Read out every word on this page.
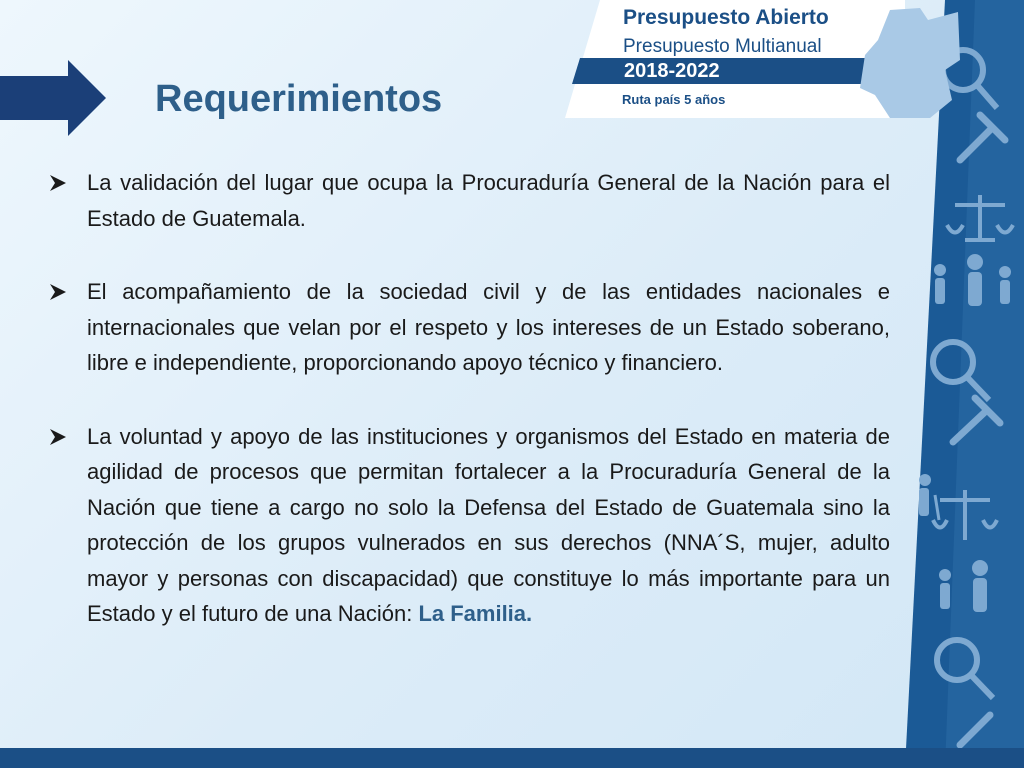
Presupuesto Abierto
Presupuesto Multianual
2018-2022
Ruta país 5 años
Requerimientos
La validación del lugar que ocupa la Procuraduría General de la Nación para el Estado de Guatemala.
El acompañamiento de la sociedad civil y de las entidades nacionales e internacionales que velan por el respeto y los intereses de un Estado soberano, libre e independiente, proporcionando apoyo técnico y financiero.
La voluntad y apoyo de las instituciones y organismos del Estado en materia de agilidad de procesos que permitan fortalecer a la Procuraduría General de la Nación que tiene a cargo no solo la Defensa del Estado de Guatemala sino la protección de los grupos vulnerados en sus derechos (NNA´S, mujer, adulto mayor y personas con discapacidad) que constituye lo más importante para un Estado y el futuro de una Nación: La Familia.
